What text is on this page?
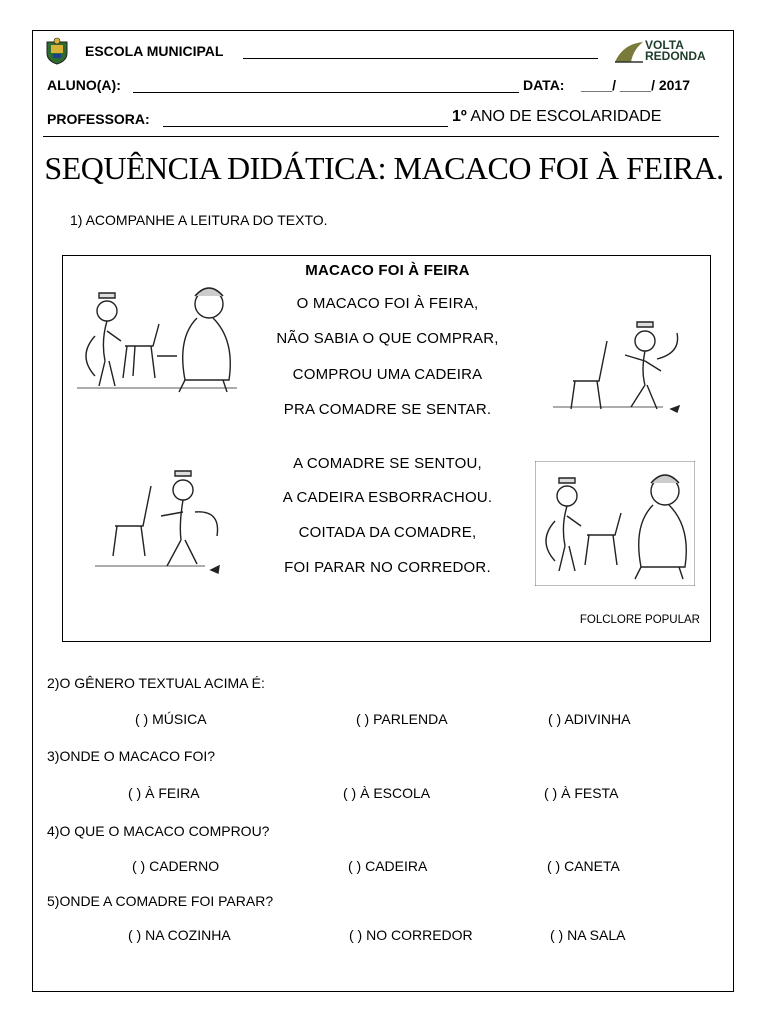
ESCOLA MUNICIPAL	VOLTA
REDONDA
ALUNO(A):	DATA: ____/ ____/ 2017
PROFESSORA:	1º ANO DE ESCOLARIDADE
SEQUÊNCIA DIDÁTICA: MACACO FOI À FEIRA.
1) ACOMPANHE A LEITURA DO TEXTO.
MACACO FOI À FEIRA
O MACACO FOI À FEIRA,
NÃO SABIA O QUE COMPRAR,
COMPROU UMA CADEIRA
PRA COMADRE SE SENTAR.
A COMADRE SE SENTOU,
A CADEIRA ESBORRACHOU.
COITADA DA COMADRE,
FOI PARAR NO CORREDOR.
FOLCLORE POPULAR
2)O GÊNERO TEXTUAL ACIMA É:
( ) MÚSICA	( ) PARLENDA	( ) ADIVINHA
3)ONDE O MACACO FOI?
( ) À FEIRA	( ) À ESCOLA	( ) À FESTA
4)O QUE O MACACO COMPROU?
( ) CADERNO	( ) CADEIRA	( ) CANETA
5)ONDE A COMADRE FOI PARAR?
( ) NA COZINHA	( ) NO CORREDOR	( ) NA SALA
